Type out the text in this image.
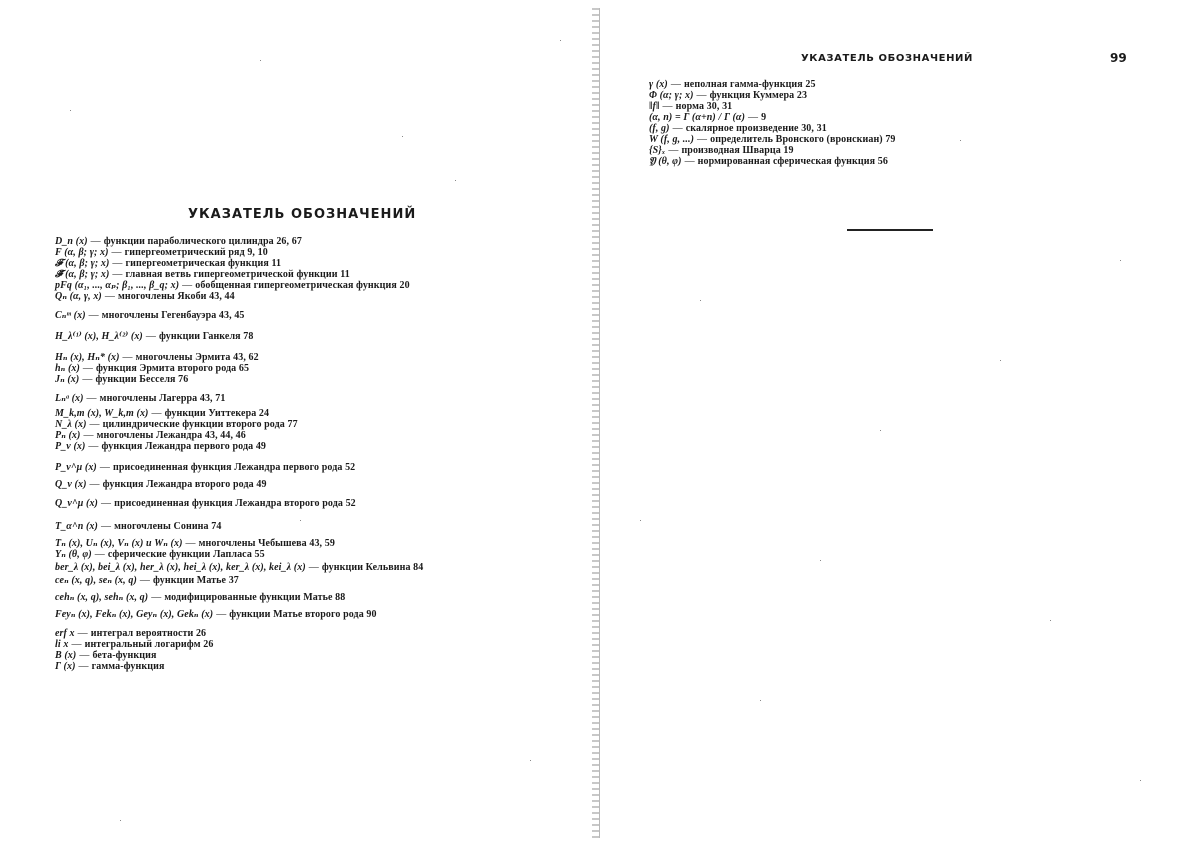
УКАЗАТЕЛЬ ОБОЗНАЧЕНИЙ
D_n (x) — функции параболического цилиндра 26, 67
F (α, β; γ; x) — гипергеометрический ряд 9, 10
𝓕 (α, β; γ; x) — гипергеометрическая функция 11
𝓕̄ (α, β; γ; x) — главная ветвь гипергеометрической функции 11
pFq (α₁, ..., αₚ; β₁, ..., β_q; x) — обобщенная гипергеометрическая функция 20
Qₙ (α, γ, x) — многочлены Якоби 43, 44
Cₙᵐ (x) — многочлены Гегенбауэра 43, 45
H_λ⁽¹⁾ (x), H_λ⁽²⁾ (x) — функции Ганкеля 78
Hₙ (x), Hₙ* (x) — многочлены Эрмита 43, 62
hₙ (x) — функция Эрмита второго рода 65
Jₙ (x) — функции Бесселя 76
Lₙᵃ (x) — многочлены Лагерра 43, 71
M_k,m (x), W_k,m (x) — функции Уиттекера 24
N_λ (x) — цилиндрические функции второго рода 77
Pₙ (x) — многочлены Лежандра 43, 44, 46
P_ν (x) — функция Лежандра первого рода 49
P_ν^μ (x) — присоединенная функция Лежандра первого рода 52
Q_ν (x) — функция Лежандра второго рода 49
Q_ν^μ (x) — присоединенная функция Лежандра второго рода 52
T_α^n (x) — многочлены Сонина 74
Tₙ (x), Uₙ (x), Vₙ (x) и Wₙ (x) — многочлены Чебышева 43, 59
Yₙ (θ, φ) — сферические функции Лапласа 55
ber_λ (x), bei_λ (x), her_λ (x), hei_λ (x), ker_λ (x), kei_λ (x) — функции Кельвина 84
ceₙ (x, q), seₙ (x, q) — функции Матье 37
cehₙ (x, q), sehₙ (x, q) — модифицированные функции Матье 88
Feyₙ (x), Fekₙ (x), Geyₙ (x), Gekₙ (x) — функции Матье второго рода 90
erf x — интеграл вероятности 26
li x — интегральный логарифм 26
B (x) — бета-функция
Γ (x) — гамма-функция
УКАЗАТЕЛЬ ОБОЗНАЧЕНИЙ	99
γ (x) — неполная гамма-функция 25
Φ (α; γ; x) — функция Куммера 23
‖f‖ — норма 30, 31
(α, n) = Γ (α+n) / Γ (α) — 9
(f, g) — скалярное произведение 30, 31
W (f, g, ...) — определитель Вронского (вронскиан) 79
{S}ₓ — производная Шварца 19
𝔜 (θ, φ) — нормированная сферическая функция 56
